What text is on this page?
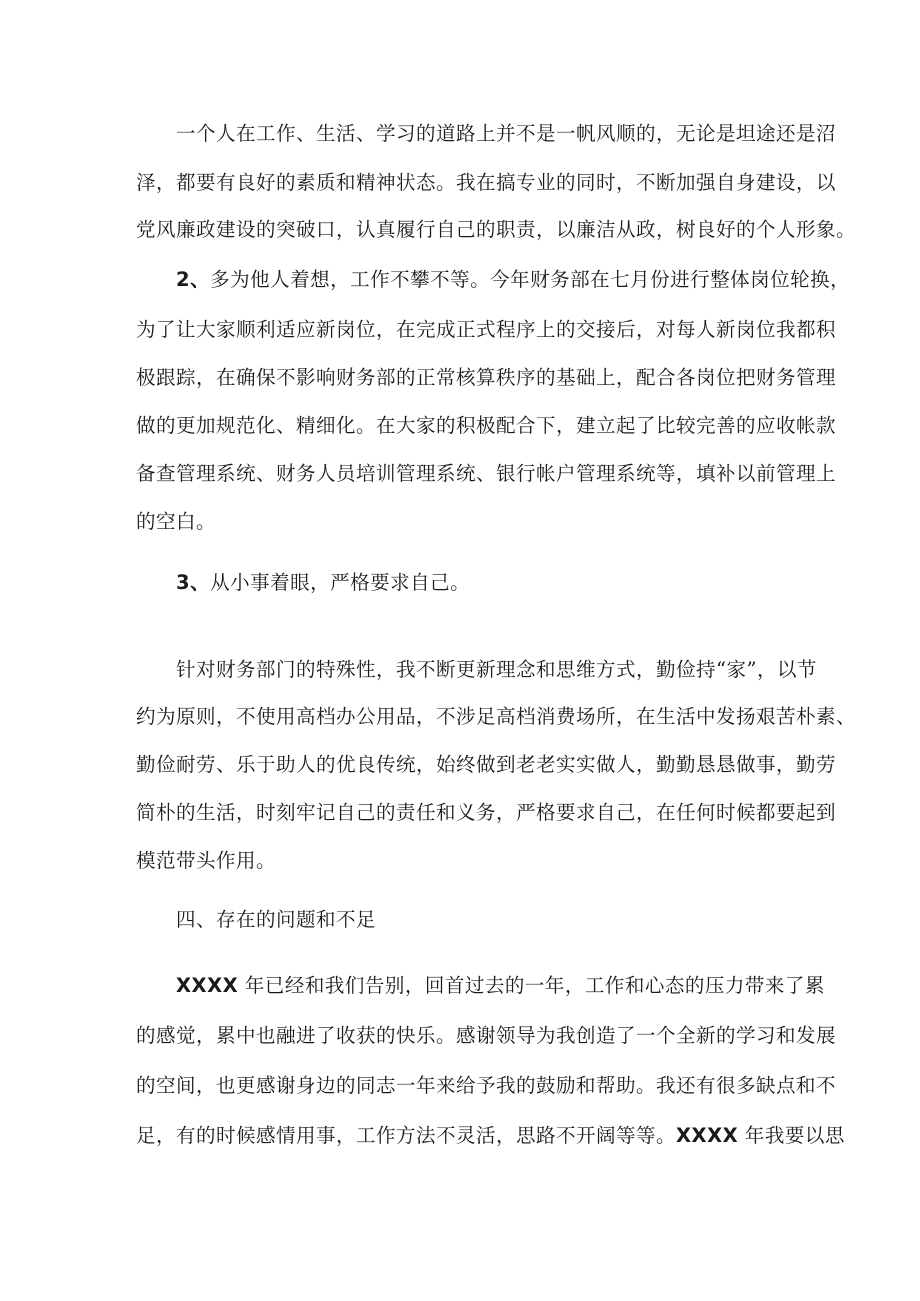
一个人在工作、生活、学习的道路上并不是一帆风顺的，无论是坦途还是沼
泽，都要有良好的素质和精神状态。我在搞专业的同时，不断加强自身建设，以
党风廉政建设的突破口，认真履行自己的职责，以廉洁从政，树良好的个人形象。
2、多为他人着想，工作不攀不等。今年财务部在七月份进行整体岗位轮换，
为了让大家顺利适应新岗位，在完成正式程序上的交接后，对每人新岗位我都积
极跟踪，在确保不影响财务部的正常核算秩序的基础上，配合各岗位把财务管理
做的更加规范化、精细化。在大家的积极配合下，建立起了比较完善的应收帐款
备查管理系统、财务人员培训管理系统、银行帐户管理系统等，填补以前管理上
的空白。
3、从小事着眼，严格要求自己。
针对财务部门的特殊性，我不断更新理念和思维方式，勤俭持“家”，以节
约为原则，不使用高档办公用品，不涉足高档消费场所，在生活中发扬艰苦朴素、
勤俭耐劳、乐于助人的优良传统，始终做到老老实实做人，勤勤恳恳做事，勤劳
简朴的生活，时刻牢记自己的责任和义务，严格要求自己，在任何时候都要起到
模范带头作用。
四、存在的问题和不足
XXXX 年已经和我们告别，回首过去的一年，工作和心态的压力带来了累
的感觉，累中也融进了收获的快乐。感谢领导为我创造了一个全新的学习和发展
的空间，也更感谢身边的同志一年来给予我的鼓励和帮助。我还有很多缺点和不
足，有的时候感情用事，工作方法不灵活，思路不开阔等等。XXXX 年我要以思
